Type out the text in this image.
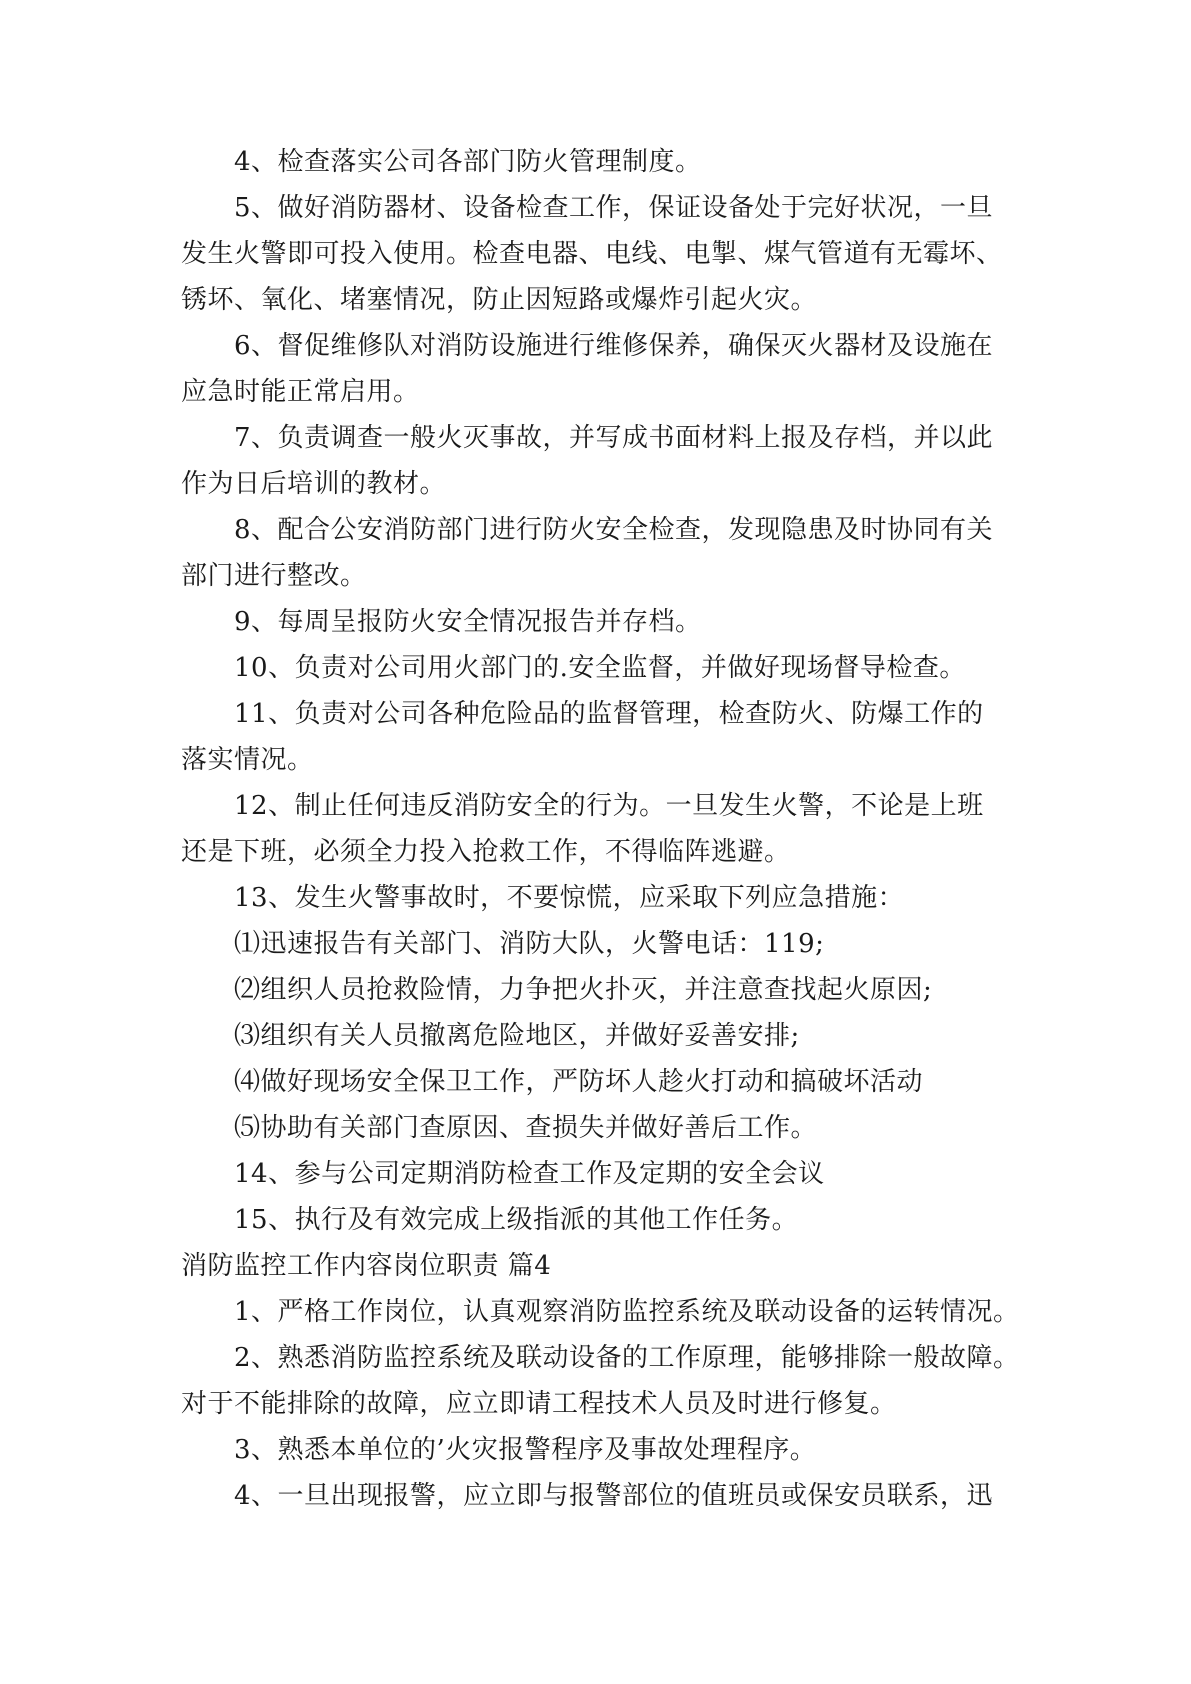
4、检查落实公司各部门防火管理制度。
5、做好消防器材、设备检查工作，保证设备处于完好状况，一旦
发生火警即可投入使用。检查电器、电线、电掣、煤气管道有无霉坏、
锈坏、氧化、堵塞情况，防止因短路或爆炸引起火灾。
6、督促维修队对消防设施进行维修保养，确保灭火器材及设施在
应急时能正常启用。
7、负责调查一般火灭事故，并写成书面材料上报及存档，并以此
作为日后培训的教材。
8、配合公安消防部门进行防火安全检查，发现隐患及时协同有关
部门进行整改。
9、每周呈报防火安全情况报告并存档。
10、负责对公司用火部门的.安全监督，并做好现场督导检查。
11、负责对公司各种危险品的监督管理，检查防火、防爆工作的
落实情况。
12、制止任何违反消防安全的行为。一旦发生火警，不论是上班
还是下班，必须全力投入抢救工作，不得临阵逃避。
13、发生火警事故时，不要惊慌，应采取下列应急措施：
⑴迅速报告有关部门、消防大队，火警电话：119;
⑵组织人员抢救险情，力争把火扑灭，并注意查找起火原因;
⑶组织有关人员撤离危险地区，并做好妥善安排;
⑷做好现场安全保卫工作，严防坏人趁火打动和搞破坏活动
⑸协助有关部门查原因、查损失并做好善后工作。
14、参与公司定期消防检查工作及定期的安全会议
15、执行及有效完成上级指派的其他工作任务。
消防监控工作内容岗位职责 篇4
1、严格工作岗位，认真观察消防监控系统及联动设备的运转情况。
2、熟悉消防监控系统及联动设备的工作原理，能够排除一般故障。
对于不能排除的故障，应立即请工程技术人员及时进行修复。
3、熟悉本单位的’火灾报警程序及事故处理程序。
4、一旦出现报警，应立即与报警部位的值班员或保安员联系，迅
